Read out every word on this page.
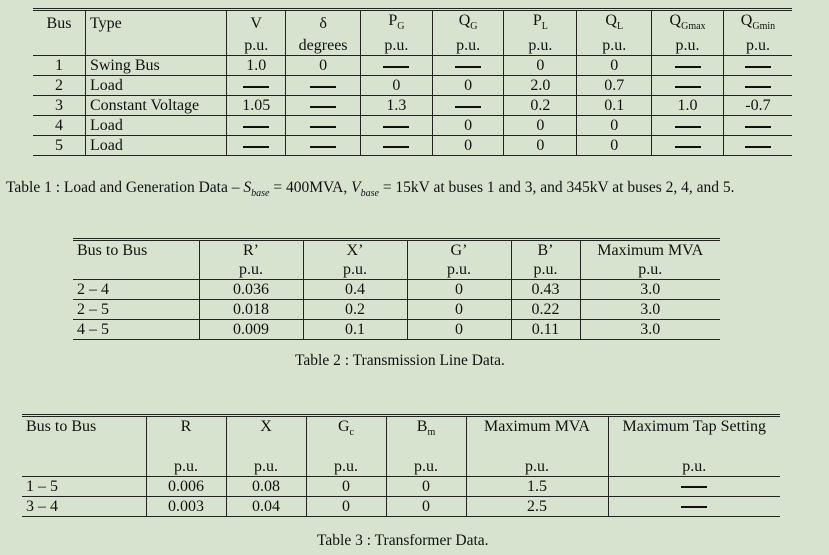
Bus	Type	V	δ	$P_G$	$Q_G$	$P_L$	$Q_L$	$Q_{Gmax}$	$Q_{Gmin}$
		p.u.	degrees	p.u.	p.u.	p.u.	p.u.	p.u.	p.u.
1	Swing Bus	1.0	0			0	0		
2	Load			0	0	2.0	0.7		
3	Constant Voltage	1.05		1.3		0.2	0.1	1.0	-0.7
4	Load				0	0	0		
5	Load				0	0	0		
Table 1 : Load and Generation Data – $S_{base} = 400MVA$, $V_{base} = 15kV$ at buses 1 and 3, and 345kV at buses 2, 4, and 5.
Bus to Bus	R’	X’	G’	B’	Maximum MVA
	p.u.	p.u.	p.u.	p.u.	p.u.
2 – 4	0.036	0.4	0	0.43	3.0
2 – 5	0.018	0.2	0	0.22	3.0
4 – 5	0.009	0.1	0	0.11	3.0
Table 2 : Transmission Line Data.
Bus to Bus	R	X	$G_c$	$B_m$	Maximum MVA	Maximum Tap Setting
	p.u.	p.u.	p.u.	p.u.	p.u.	p.u.
1 – 5	0.006	0.08	0	0	1.5	
3 – 4	0.003	0.04	0	0	2.5	
Table 3 : Transformer Data.
